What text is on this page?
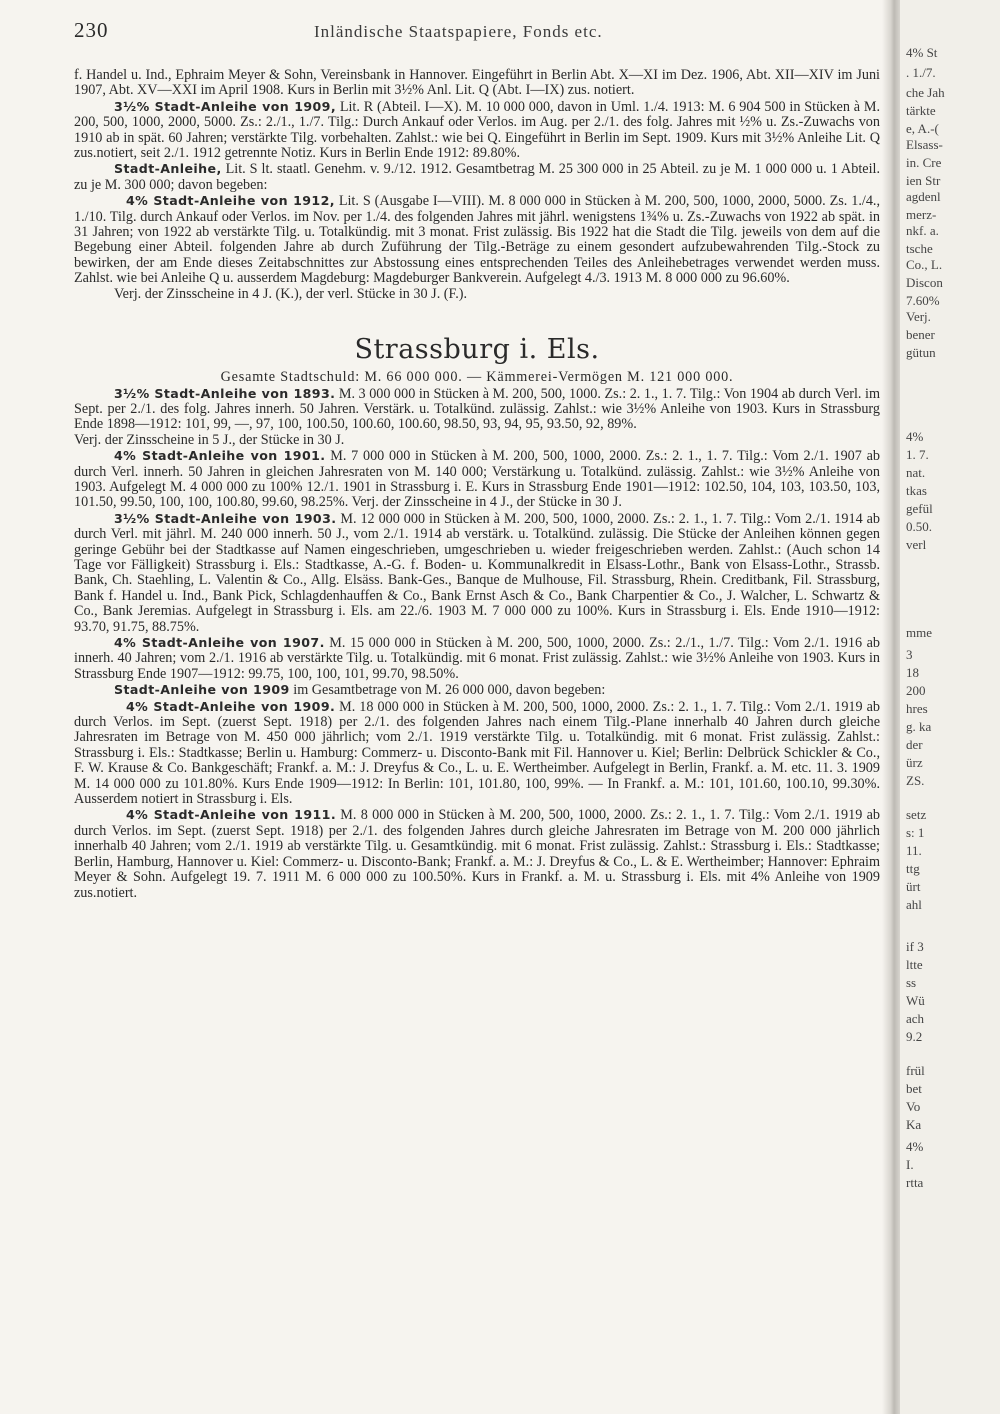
230	Inländische Staatspapiere, Fonds etc.

f. Handel u. Ind., Ephraim Meyer & Sohn, Vereinsbank in Hannover. Eingeführt in Berlin Abt. X—XI im Dez. 1906, Abt. XII—XIV im Juni 1907, Abt. XV—XXI im April 1908. Kurs in Berlin mit 3½% Anl. Lit. Q (Abt. I—IX) zus. notiert.

3½% Stadt-Anleihe von 1909, Lit. R (Abteil. I—X). M. 10 000 000, davon in Uml. 1./4. 1913: M. 6 904 500 in Stücken à M. 200, 500, 1000, 2000, 5000. Zs.: 2./1., 1./7. Tilg.: Durch Ankauf oder Verlos. im Aug. per 2./1. des folg. Jahres mit ½% u. Zs.-Zuwachs von 1910 ab in spät. 60 Jahren; verstärkte Tilg. vorbehalten. Zahlst.: wie bei Q. Eingeführt in Berlin im Sept. 1909. Kurs mit 3½% Anleihe Lit. Q zus.notiert, seit 2./1. 1912 getrennte Notiz. Kurs in Berlin Ende 1912: 89.80%.

Stadt-Anleihe, Lit. S lt. staatl. Genehm. v. 9./12. 1912. Gesamtbetrag M. 25 300 000 in 25 Abteil. zu je M. 1 000 000 u. 1 Abteil. zu je M. 300 000; davon begeben:

4% Stadt-Anleihe von 1912, Lit. S (Ausgabe I—VIII). M. 8 000 000 in Stücken à M. 200, 500, 1000, 2000, 5000. Zs. 1./4., 1./10. Tilg. durch Ankauf oder Verlos. im Nov. per 1./4. des folgenden Jahres mit jährl. wenigstens 1¾% u. Zs.-Zuwachs von 1922 ab spät. in 31 Jahren; von 1922 ab verstärkte Tilg. u. Totalkündig. mit 3 monat. Frist zulässig. Bis 1922 hat die Stadt die Tilg. jeweils von dem auf die Begebung einer Abteil. folgenden Jahre ab durch Zuführung der Tilg.-Beträge zu einem gesondert aufzubewahrenden Tilg.-Stock zu bewirken, der am Ende dieses Zeitabschnittes zur Abstossung eines entsprechenden Teiles des Anleihebetrages verwendet werden muss. Zahlst. wie bei Anleihe Q u. ausserdem Magdeburg: Magdeburger Bankverein. Aufgelegt 4./3. 1913 M. 8 000 000 zu 96.60%.

Verj. der Zinsscheine in 4 J. (K.), der verl. Stücke in 30 J. (F.).

Strassburg i. Els.

Gesamte Stadtschuld: M. 66 000 000. — Kämmerei-Vermögen M. 121 000 000.

3½% Stadt-Anleihe von 1893. M. 3 000 000 in Stücken à M. 200, 500, 1000. Zs.: 2. 1., 1. 7. Tilg.: Von 1904 ab durch Verl. im Sept. per 2./1. des folg. Jahres innerh. 50 Jahren. Verstärk. u. Totalkünd. zulässig. Zahlst.: wie 3½% Anleihe von 1903. Kurs in Strassburg Ende 1898—1912: 101, 99, —, 97, 100, 100.50, 100.60, 100.60, 98.50, 93, 94, 95, 93.50, 92, 89%.

Verj. der Zinsscheine in 5 J., der Stücke in 30 J.

4% Stadt-Anleihe von 1901. M. 7 000 000 in Stücken à M. 200, 500, 1000, 2000. Zs.: 2. 1., 1. 7. Tilg.: Vom 2./1. 1907 ab durch Verl. innerh. 50 Jahren in gleichen Jahresraten von M. 140 000; Verstärkung u. Totalkünd. zulässig. Zahlst.: wie 3½% Anleihe von 1903. Aufgelegt M. 4 000 000 zu 100% 12./1. 1901 in Strassburg i. E. Kurs in Strassburg Ende 1901—1912: 102.50, 104, 103, 103.50, 103, 101.50, 99.50, 100, 100, 100.80, 99.60, 98.25%. Verj. der Zinsscheine in 4 J., der Stücke in 30 J.

3½% Stadt-Anleihe von 1903. M. 12 000 000 in Stücken à M. 200, 500, 1000, 2000. Zs.: 2. 1., 1. 7. Tilg.: Vom 2./1. 1914 ab durch Verl. mit jährl. M. 240 000 innerh. 50 J., vom 2./1. 1914 ab verstärk. u. Totalkünd. zulässig. Die Stücke der Anleihen können gegen geringe Gebühr bei der Stadtkasse auf Namen eingeschrieben, umgeschrieben u. wieder freigeschrieben werden. Zahlst.: (Auch schon 14 Tage vor Fälligkeit) Strassburg i. Els.: Stadtkasse, A.-G. f. Boden- u. Kommunalkredit in Elsass-Lothr., Bank von Elsass-Lothr., Strassb. Bank, Ch. Staehling, L. Valentin & Co., Allg. Elsäss. Bank-Ges., Banque de Mulhouse, Fil. Strassburg, Rhein. Creditbank, Fil. Strassburg, Bank f. Handel u. Ind., Bank Pick, Schlagdenhauffen & Co., Bank Ernst Asch & Co., Bank Charpentier & Co., J. Walcher, L. Schwartz & Co., Bank Jeremias. Aufgelegt in Strassburg i. Els. am 22./6. 1903 M. 7 000 000 zu 100%. Kurs in Strassburg i. Els. Ende 1910—1912: 93.70, 91.75, 88.75%.

4% Stadt-Anleihe von 1907. M. 15 000 000 in Stücken à M. 200, 500, 1000, 2000. Zs.: 2./1., 1./7. Tilg.: Vom 2./1. 1916 ab innerh. 40 Jahren; vom 2./1. 1916 ab verstärkte Tilg. u. Totalkündig. mit 6 monat. Frist zulässig. Zahlst.: wie 3½% Anleihe von 1903. Kurs in Strassburg Ende 1907—1912: 99.75, 100, 100, 101, 99.70, 98.50%.

Stadt-Anleihe von 1909 im Gesamtbetrage von M. 26 000 000, davon begeben:

4% Stadt-Anleihe von 1909. M. 18 000 000 in Stücken à M. 200, 500, 1000, 2000. Zs.: 2. 1., 1. 7. Tilg.: Vom 2./1. 1919 ab durch Verlos. im Sept. (zuerst Sept. 1918) per 2./1. des folgenden Jahres nach einem Tilg.-Plane innerhalb 40 Jahren durch gleiche Jahresraten im Betrage von M. 450 000 jährlich; vom 2./1. 1919 verstärkte Tilg. u. Totalkündig. mit 6 monat. Frist zulässig. Zahlst.: Strassburg i. Els.: Stadtkasse; Berlin u. Hamburg: Commerz- u. Disconto-Bank mit Fil. Hannover u. Kiel; Berlin: Delbrück Schickler & Co., F. W. Krause & Co. Bankgeschäft; Frankf. a. M.: J. Dreyfus & Co., L. u. E. Wertheimber. Aufgelegt in Berlin, Frankf. a. M. etc. 11. 3. 1909 M. 14 000 000 zu 101.80%. Kurs Ende 1909—1912: In Berlin: 101, 101.80, 100, 99%. — In Frankf. a. M.: 101, 101.60, 100.10, 99.30%. Ausserdem notiert in Strassburg i. Els.

4% Stadt-Anleihe von 1911. M. 8 000 000 in Stücken à M. 200, 500, 1000, 2000. Zs.: 2. 1., 1. 7. Tilg.: Vom 2./1. 1919 ab durch Verlos. im Sept. (zuerst Sept. 1918) per 2./1. des folgenden Jahres durch gleiche Jahresraten im Betrage von M. 200 000 jährlich innerhalb 40 Jahren; vom 2./1. 1919 ab verstärkte Tilg. u. Gesamtkündig. mit 6 monat. Frist zulässig. Zahlst.: Strassburg i. Els.: Stadtkasse; Berlin, Hamburg, Hannover u. Kiel: Commerz- u. Disconto-Bank; Frankf. a. M.: J. Dreyfus & Co., L. & E. Wertheimber; Hannover: Ephraim Meyer & Sohn. Aufgelegt 19. 7. 1911 M. 6 000 000 zu 100.50%. Kurs in Frankf. a. M. u. Strassburg i. Els. mit 4% Anleihe von 1909 zus.notiert.

4% St
. 1./7.
che Jah
tärkte
e, A.-(
Elsass-
in. Cre
ien Str
agdenl
merz-
nkf. a.
tsche
Co., L.
Discon
7.60%
Verj.
bener
gütun
4%
1. 7.
nat.
tkas
gefül
0.50.
verl
mme
3
18
200
hres
g. ka
der
ürz
ZS.
setz
s: 1
11.
ttg
ürt
ahl
if 3
ltte
ss
Wü
ach
9.2
frül
bet
Vo
Ka
4%
I.
rtta
